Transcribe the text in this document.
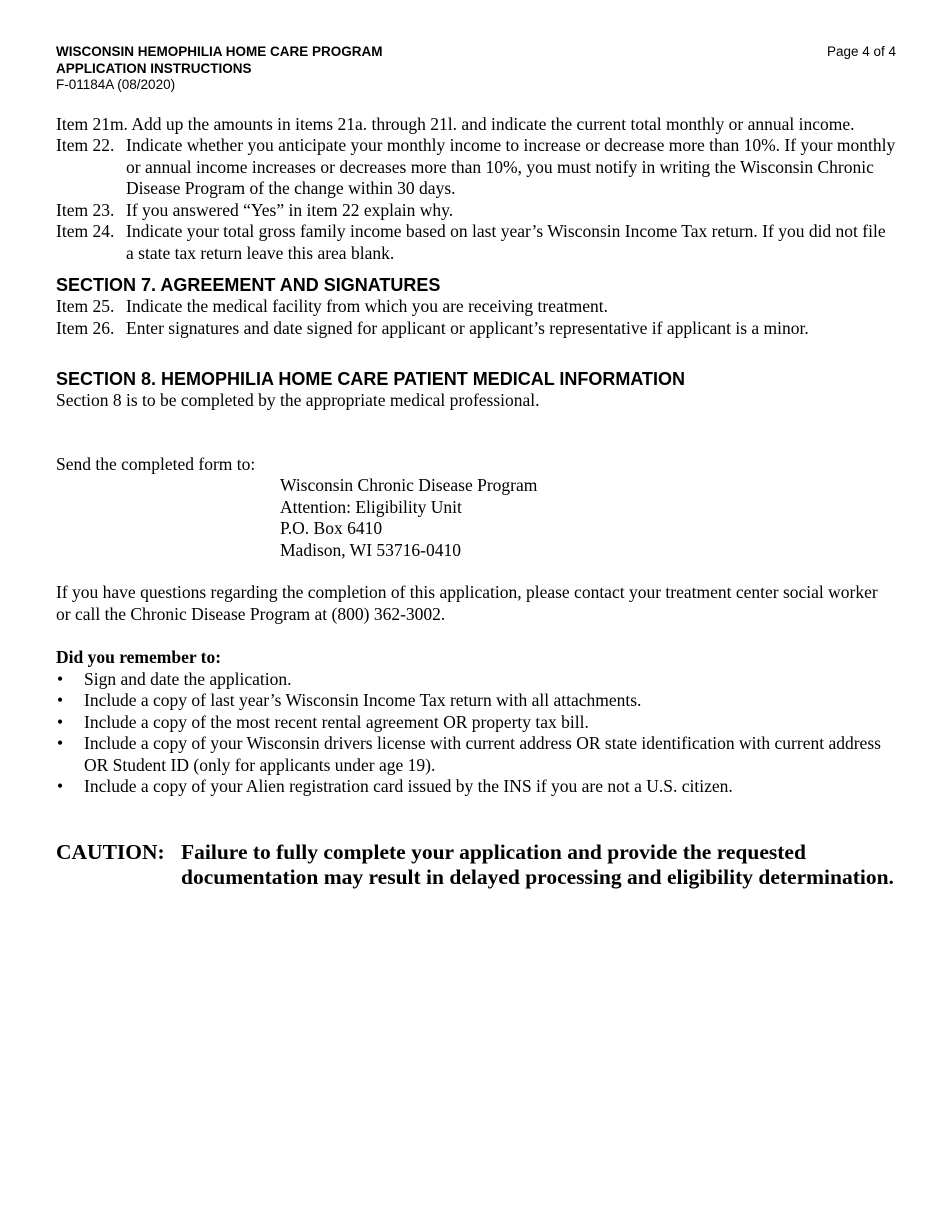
WISCONSIN HEMOPHILIA HOME CARE PROGRAM
APPLICATION INSTRUCTIONS
F-01184A (08/2020)
Page 4 of 4
Item 21m. Add up the amounts in items 21a. through 21l. and indicate the current total monthly or annual income.
Item 22. Indicate whether you anticipate your monthly income to increase or decrease more than 10%. If your monthly or annual income increases or decreases more than 10%, you must notify in writing the Wisconsin Chronic Disease Program of the change within 30 days.
Item 23. If you answered “Yes” in item 22 explain why.
Item 24. Indicate your total gross family income based on last year’s Wisconsin Income Tax return. If you did not file a state tax return leave this area blank.
SECTION 7. AGREEMENT AND SIGNATURES
Item 25. Indicate the medical facility from which you are receiving treatment.
Item 26. Enter signatures and date signed for applicant or applicant’s representative if applicant is a minor.
SECTION 8. HEMOPHILIA HOME CARE PATIENT MEDICAL INFORMATION
Section 8 is to be completed by the appropriate medical professional.
Send the completed form to:
Wisconsin Chronic Disease Program
Attention: Eligibility Unit
P.O. Box 6410
Madison, WI 53716-0410
If you have questions regarding the completion of this application, please contact your treatment center social worker or call the Chronic Disease Program at (800) 362-3002.
Did you remember to:
• Sign and date the application.
• Include a copy of last year’s Wisconsin Income Tax return with all attachments.
• Include a copy of the most recent rental agreement OR property tax bill.
• Include a copy of your Wisconsin drivers license with current address OR state identification with current address OR Student ID (only for applicants under age 19).
• Include a copy of your Alien registration card issued by the INS if you are not a U.S. citizen.
CAUTION: Failure to fully complete your application and provide the requested documentation may result in delayed processing and eligibility determination.
